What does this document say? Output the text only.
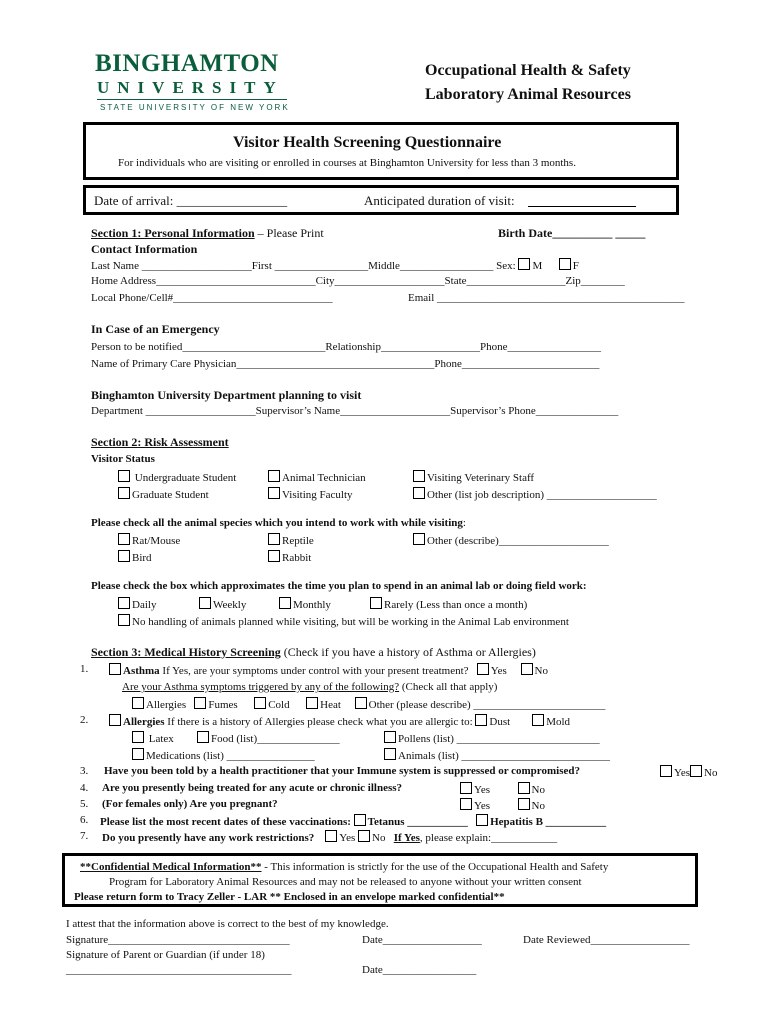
BINGHAMTON
UNIVERSITY
STATE UNIVERSITY OF NEW YORK
Occupational Health & Safety
Laboratory Animal Resources
Visitor Health Screening Questionnaire
For individuals who are visiting or enrolled in courses at Binghamton University for less than 3 months.
Date of arrival: _________________	Anticipated duration of visit:
Section 1: Personal Information – Please Print	Birth Date__________ _____
Contact Information
Last Name ____________________First _________________Middle_________________ Sex: M	F
Home Address_____________________________City____________________State__________________Zip________
Local Phone/Cell#_____________________________	Email _____________________________________________
In Case of an Emergency
Person to be notified__________________________Relationship__________________Phone_________________
Name of Primary Care Physician____________________________________Phone_________________________
Binghamton University Department planning to visit
Department ____________________Supervisor’s Name____________________Supervisor’s Phone_______________
Section 2: Risk Assessment
Visitor Status
Undergraduate Student	Animal Technician	Visiting Veterinary Staff
Graduate Student	Visiting Faculty	Other (list job description) ____________________
Please check all the animal species which you intend to work with while visiting:
Rat/Mouse	Reptile	Other (describe)____________________
Bird	Rabbit
Please check the box which approximates the time you plan to spend in an animal lab or doing field work:
Daily	Weekly	Monthly	Rarely (Less than once a month)
No handling of animals planned while visiting, but will be working in the Animal Lab environment
Section 3: Medical History Screening (Check if you have a history of Asthma or Allergies)
1.	Asthma If Yes, are your symptoms under control with your present treatment? Yes	No
Are your Asthma symptoms triggered by any of the following? (Check all that apply)
Allergies Fumes	Cold	Heat	Other (please describe) ________________________
2.	Allergies If there is a history of Allergies please check what you are allergic to: Dust	Mold
Latex	Food (list)_______________	Pollens (list) __________________________
Medications (list) ________________	Animals (list) ___________________________
3. Have you been told by a health practitioner that your Immune system is suppressed or compromised?	Yes No
4. Are you presently being treated for any acute or chronic illness?	Yes	No
5. (For females only) Are you pregnant?	Yes	No
6. Please list the most recent dates of these vaccinations: Tetanus ___________ Hepatitis B ___________
7. Do you presently have any work restrictions? Yes No If Yes, please explain:____________
**Confidential Medical Information** - This information is strictly for the use of the Occupational Health and Safety
Program for Laboratory Animal Resources and may not be released to anyone without your written consent
Please return form to Tracy Zeller - LAR ** Enclosed in an envelope marked confidential**
I attest that the information above is correct to the best of my knowledge.
Signature_________________________________	Date__________________	Date Reviewed__________________
Signature of Parent or Guardian (if under 18)
_________________________________________	Date_________________
